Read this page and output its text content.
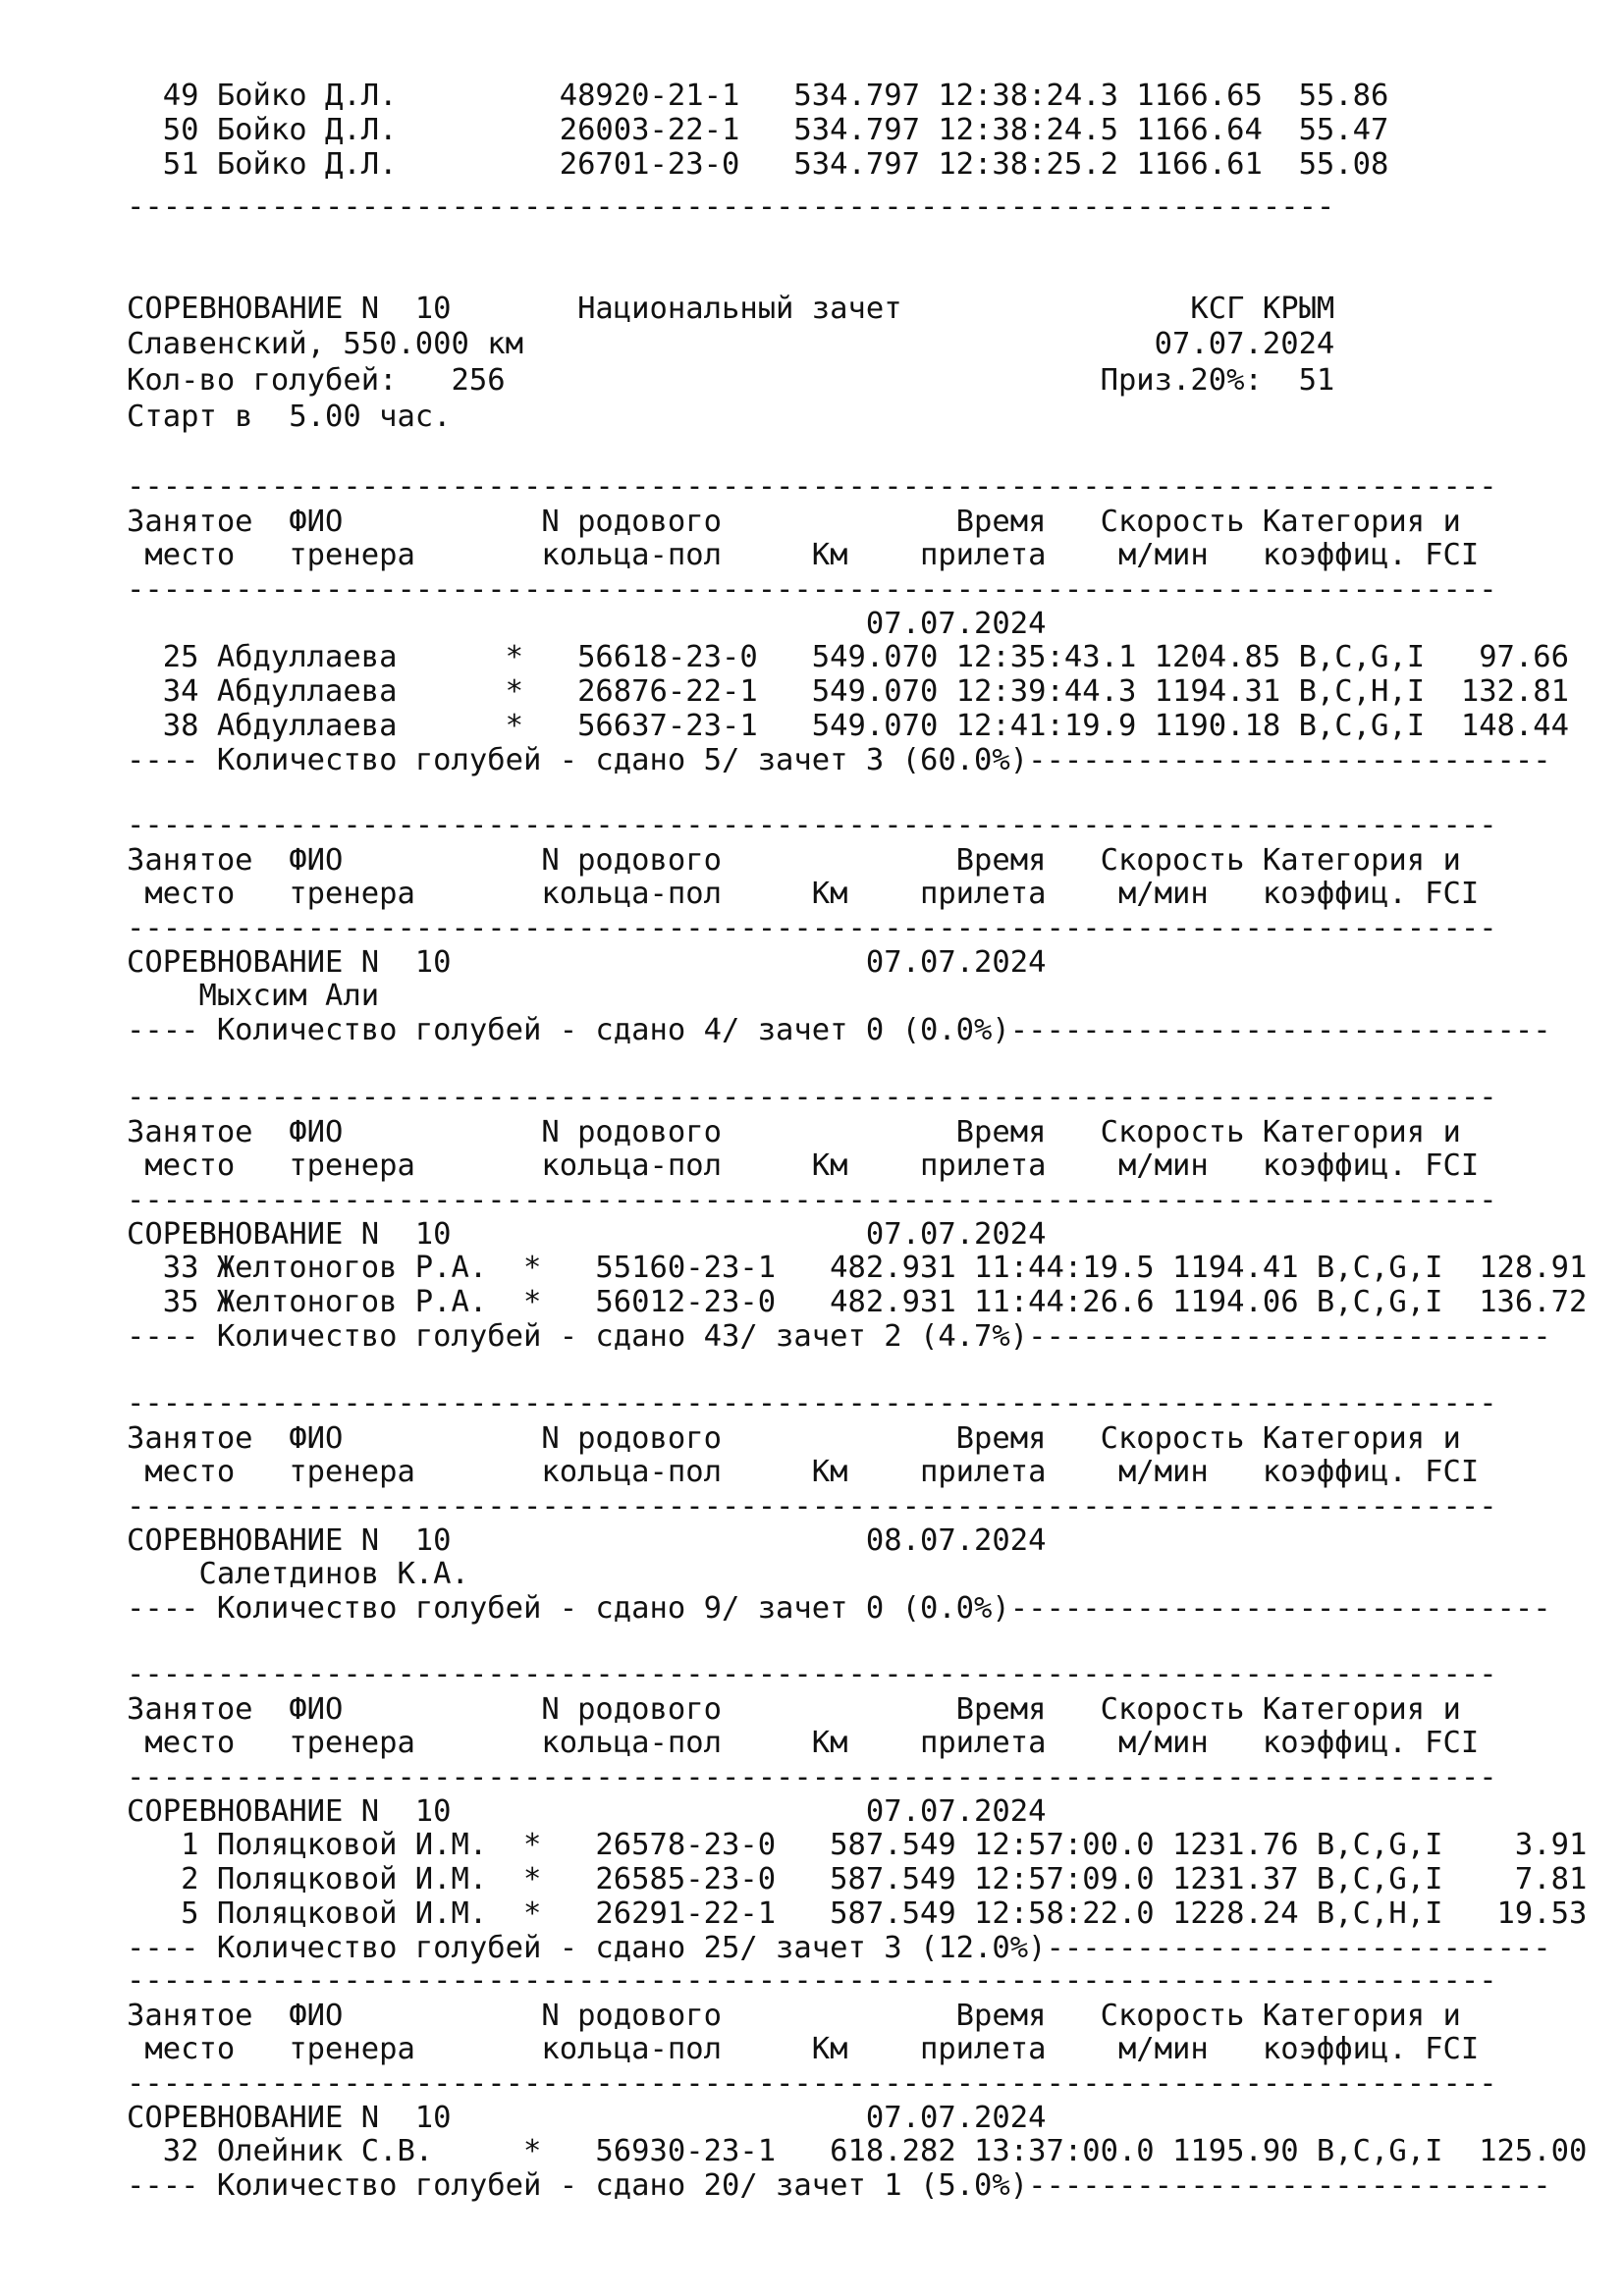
49 Бойко Д.Л.         48920-21-1   534.797 12:38:24.3 1166.65  55.86
50 Бойко Д.Л.         26003-22-1   534.797 12:38:24.5 1166.64  55.47
51 Бойко Д.Л.         26701-23-0   534.797 12:38:25.2 1166.61  55.08
-------------------------------------------------------------------
СОРЕВНОВАНИЕ N  10       Национальный зачет                КСГ КРЫМ
Славенский, 550.000 км                                   07.07.2024
Кол-во голубей:   256                                 Приз.20%:  51
Старт в  5.00 час.
----------------------------------------------------------------------------
Занятое  ФИО           N родового             Время   Скорость Категория и
место   тренера       кольца-пол     Км    прилета    м/мин   коэффиц. FCI
----------------------------------------------------------------------------
07.07.2024
25 Абдуллаева      *   56618-23-0   549.070 12:35:43.1 1204.85 B,C,G,I   97.66
34 Абдуллаева      *   26876-22-1   549.070 12:39:44.3 1194.31 B,C,H,I  132.81
38 Абдуллаева      *   56637-23-1   549.070 12:41:19.9 1190.18 B,C,G,I  148.44
---- Количество голубей - сдано 5/ зачет 3 (60.0%)-----------------------------
----------------------------------------------------------------------------
Занятое  ФИО           N родового             Время   Скорость Категория и
место   тренера       кольца-пол     Км    прилета    м/мин   коэффиц. FCI
----------------------------------------------------------------------------
СОРЕВНОВАНИЕ N  10                       07.07.2024
Мыхсим Али
---- Количество голубей - сдано 4/ зачет 0 (0.0%)------------------------------
----------------------------------------------------------------------------
Занятое  ФИО           N родового             Время   Скорость Категория и
место   тренера       кольца-пол     Км    прилета    м/мин   коэффиц. FCI
----------------------------------------------------------------------------
СОРЕВНОВАНИЕ N  10                       07.07.2024
33 Желтоногов Р.А.  *   55160-23-1   482.931 11:44:19.5 1194.41 B,C,G,I  128.91
35 Желтоногов Р.А.  *   56012-23-0   482.931 11:44:26.6 1194.06 B,C,G,I  136.72
---- Количество голубей - сдано 43/ зачет 2 (4.7%)-----------------------------
----------------------------------------------------------------------------
Занятое  ФИО           N родового             Время   Скорость Категория и
место   тренера       кольца-пол     Км    прилета    м/мин   коэффиц. FCI
----------------------------------------------------------------------------
СОРЕВНОВАНИЕ N  10                       08.07.2024
Салетдинов К.А.
---- Количество голубей - сдано 9/ зачет 0 (0.0%)------------------------------
----------------------------------------------------------------------------
Занятое  ФИО           N родового             Время   Скорость Категория и
место   тренера       кольца-пол     Км    прилета    м/мин   коэффиц. FCI
----------------------------------------------------------------------------
СОРЕВНОВАНИЕ N  10                       07.07.2024
1 Поляцковой И.М.  *   26578-23-0   587.549 12:57:00.0 1231.76 B,C,G,I    3.91
2 Поляцковой И.М.  *   26585-23-0   587.549 12:57:09.0 1231.37 B,C,G,I    7.81
5 Поляцковой И.М.  *   26291-22-1   587.549 12:58:22.0 1228.24 B,C,H,I   19.53
---- Количество голубей - сдано 25/ зачет 3 (12.0%)----------------------------
----------------------------------------------------------------------------
Занятое  ФИО           N родового             Время   Скорость Категория и
место   тренера       кольца-пол     Км    прилета    м/мин   коэффиц. FCI
----------------------------------------------------------------------------
СОРЕВНОВАНИЕ N  10                       07.07.2024
32 Олейник С.В.     *   56930-23-1   618.282 13:37:00.0 1195.90 B,C,G,I  125.00
---- Количество голубей - сдано 20/ зачет 1 (5.0%)-----------------------------
